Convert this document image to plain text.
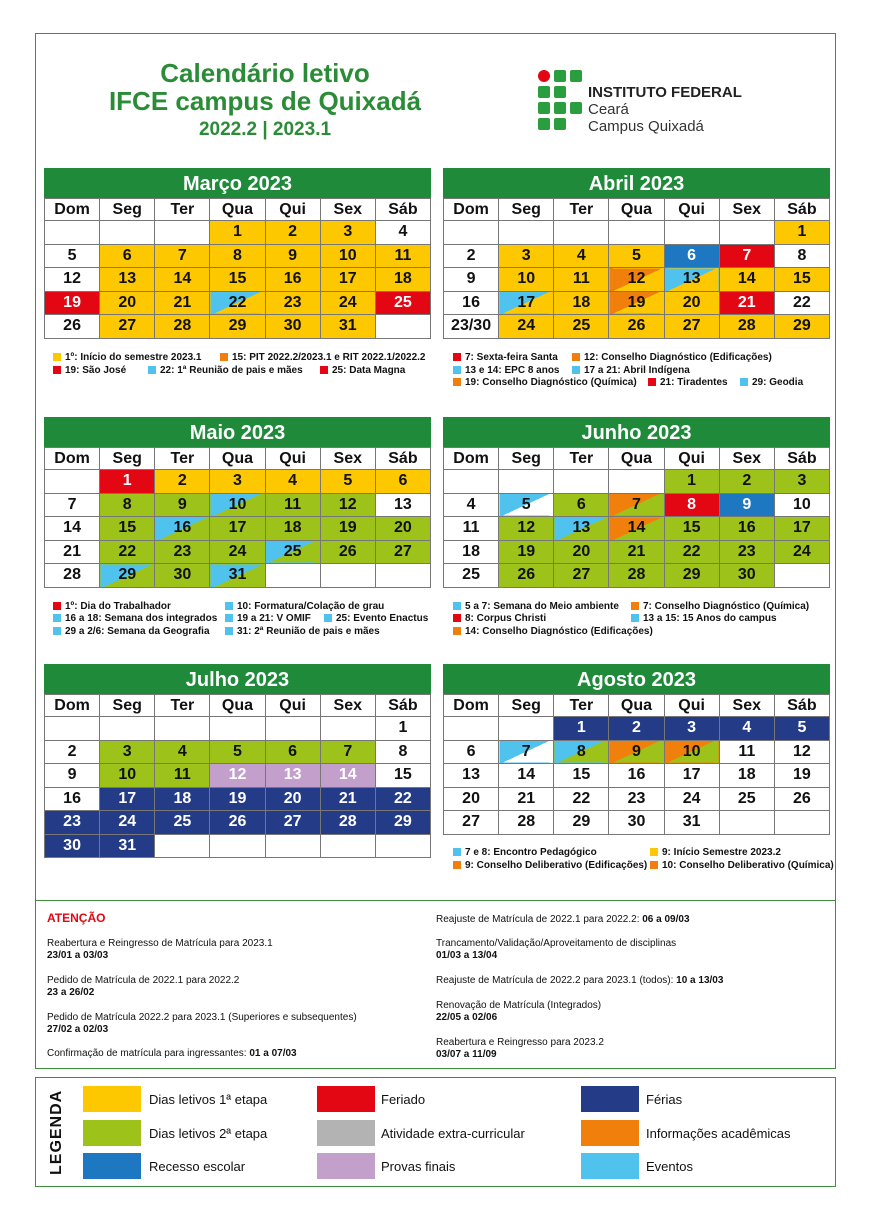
Calendário letivo
IFCE campus de Quixadá
2022.2 | 2023.1
INSTITUTO FEDERAL
Ceará
Campus Quixadá
Março 2023
Dom	Seg	Ter	Qua	Qui	Sex	Sáb
			1	2	3	4
5	6	7	8	9	10	11
12	13	14	15	16	17	18
19	20	21	22	23	24	25
26	27	28	29	30	31	
Abril 2023
Dom	Seg	Ter	Qua	Qui	Sex	Sáb
						1
2	3	4	5	6	7	8
9	10	11	12	13	14	15
16	17	18	19	20	21	22
23/30	24	25	26	27	28	29
Maio 2023
Dom	Seg	Ter	Qua	Qui	Sex	Sáb
	1	2	3	4	5	6
7	8	9	10	11	12	13
14	15	16	17	18	19	20
21	22	23	24	25	26	27
28	29	30	31			
Junho 2023
Dom	Seg	Ter	Qua	Qui	Sex	Sáb
				1	2	3
4	5	6	7	8	9	10
11	12	13	14	15	16	17
18	19	20	21	22	23	24
25	26	27	28	29	30	
Julho 2023
Dom	Seg	Ter	Qua	Qui	Sex	Sáb
						1
2	3	4	5	6	7	8
9	10	11	12	13	14	15
16	17	18	19	20	21	22
23	24	25	26	27	28	29
30	31					
Agosto 2023
Dom	Seg	Ter	Qua	Qui	Sex	Sáb
		1	2	3	4	5
6	7	8	9	10	11	12
13	14	15	16	17	18	19
20	21	22	23	24	25	26
27	28	29	30	31		
1º: Início do semestre 2023.1	15: PIT 2022.2/2023.1 e RIT 2022.1/2022.2
19: São José	22: 1ª Reunião de pais e mães	25: Data Magna
7: Sexta-feira Santa	12: Conselho Diagnóstico (Edificações)
13 e 14: EPC 8 anos	17 a 21: Abril Indígena
19: Conselho Diagnóstico (Química)	21: Tiradentes	29: Geodia
1º: Dia do Trabalhador	10: Formatura/Colação de grau
16 a 18: Semana dos integrados	19 a 21: V OMIF	25: Evento Enactus
29 a 2/6: Semana da Geografia	31: 2ª Reunião de pais e mães
5 a 7: Semana do Meio ambiente	7: Conselho Diagnóstico (Química)
8: Corpus Christi	13 a 15: 15 Anos do campus
14: Conselho Diagnóstico (Edificações)
7 e 8: Encontro Pedagógico	9: Início Semestre 2023.2
9: Conselho Deliberativo (Edificações)	10: Conselho Deliberativo (Química)
ATENÇÃO
Reabertura e Reingresso de Matrícula para 2023.1
23/01 a 03/03
Pedido de Matrícula de 2022.1 para 2022.2
23 a 26/02
Pedido de Matrícula 2022.2 para 2023.1 (Superiores e subsequentes)
27/02 a 02/03
Confirmação de matrícula para ingressantes: 01 a 07/03
Reajuste de Matrícula de 2022.1 para 2022.2: 06 a 09/03
Trancamento/Validação/Aproveitamento de disciplinas
01/03 a 13/04
Reajuste de Matrícula de 2022.2 para 2023.1 (todos): 10 a 13/03
Renovação de Matrícula (Integrados)
22/05 a 02/06
Reabertura e Reingresso para 2023.2
03/07 a 11/09
LEGENDA	Dias letivos 1ª etapa
Dias letivos 2ª etapa
Recesso escolar
Feriado
Atividade extra-curricular
Provas finais
Férias
Informações acadêmicas
Eventos
